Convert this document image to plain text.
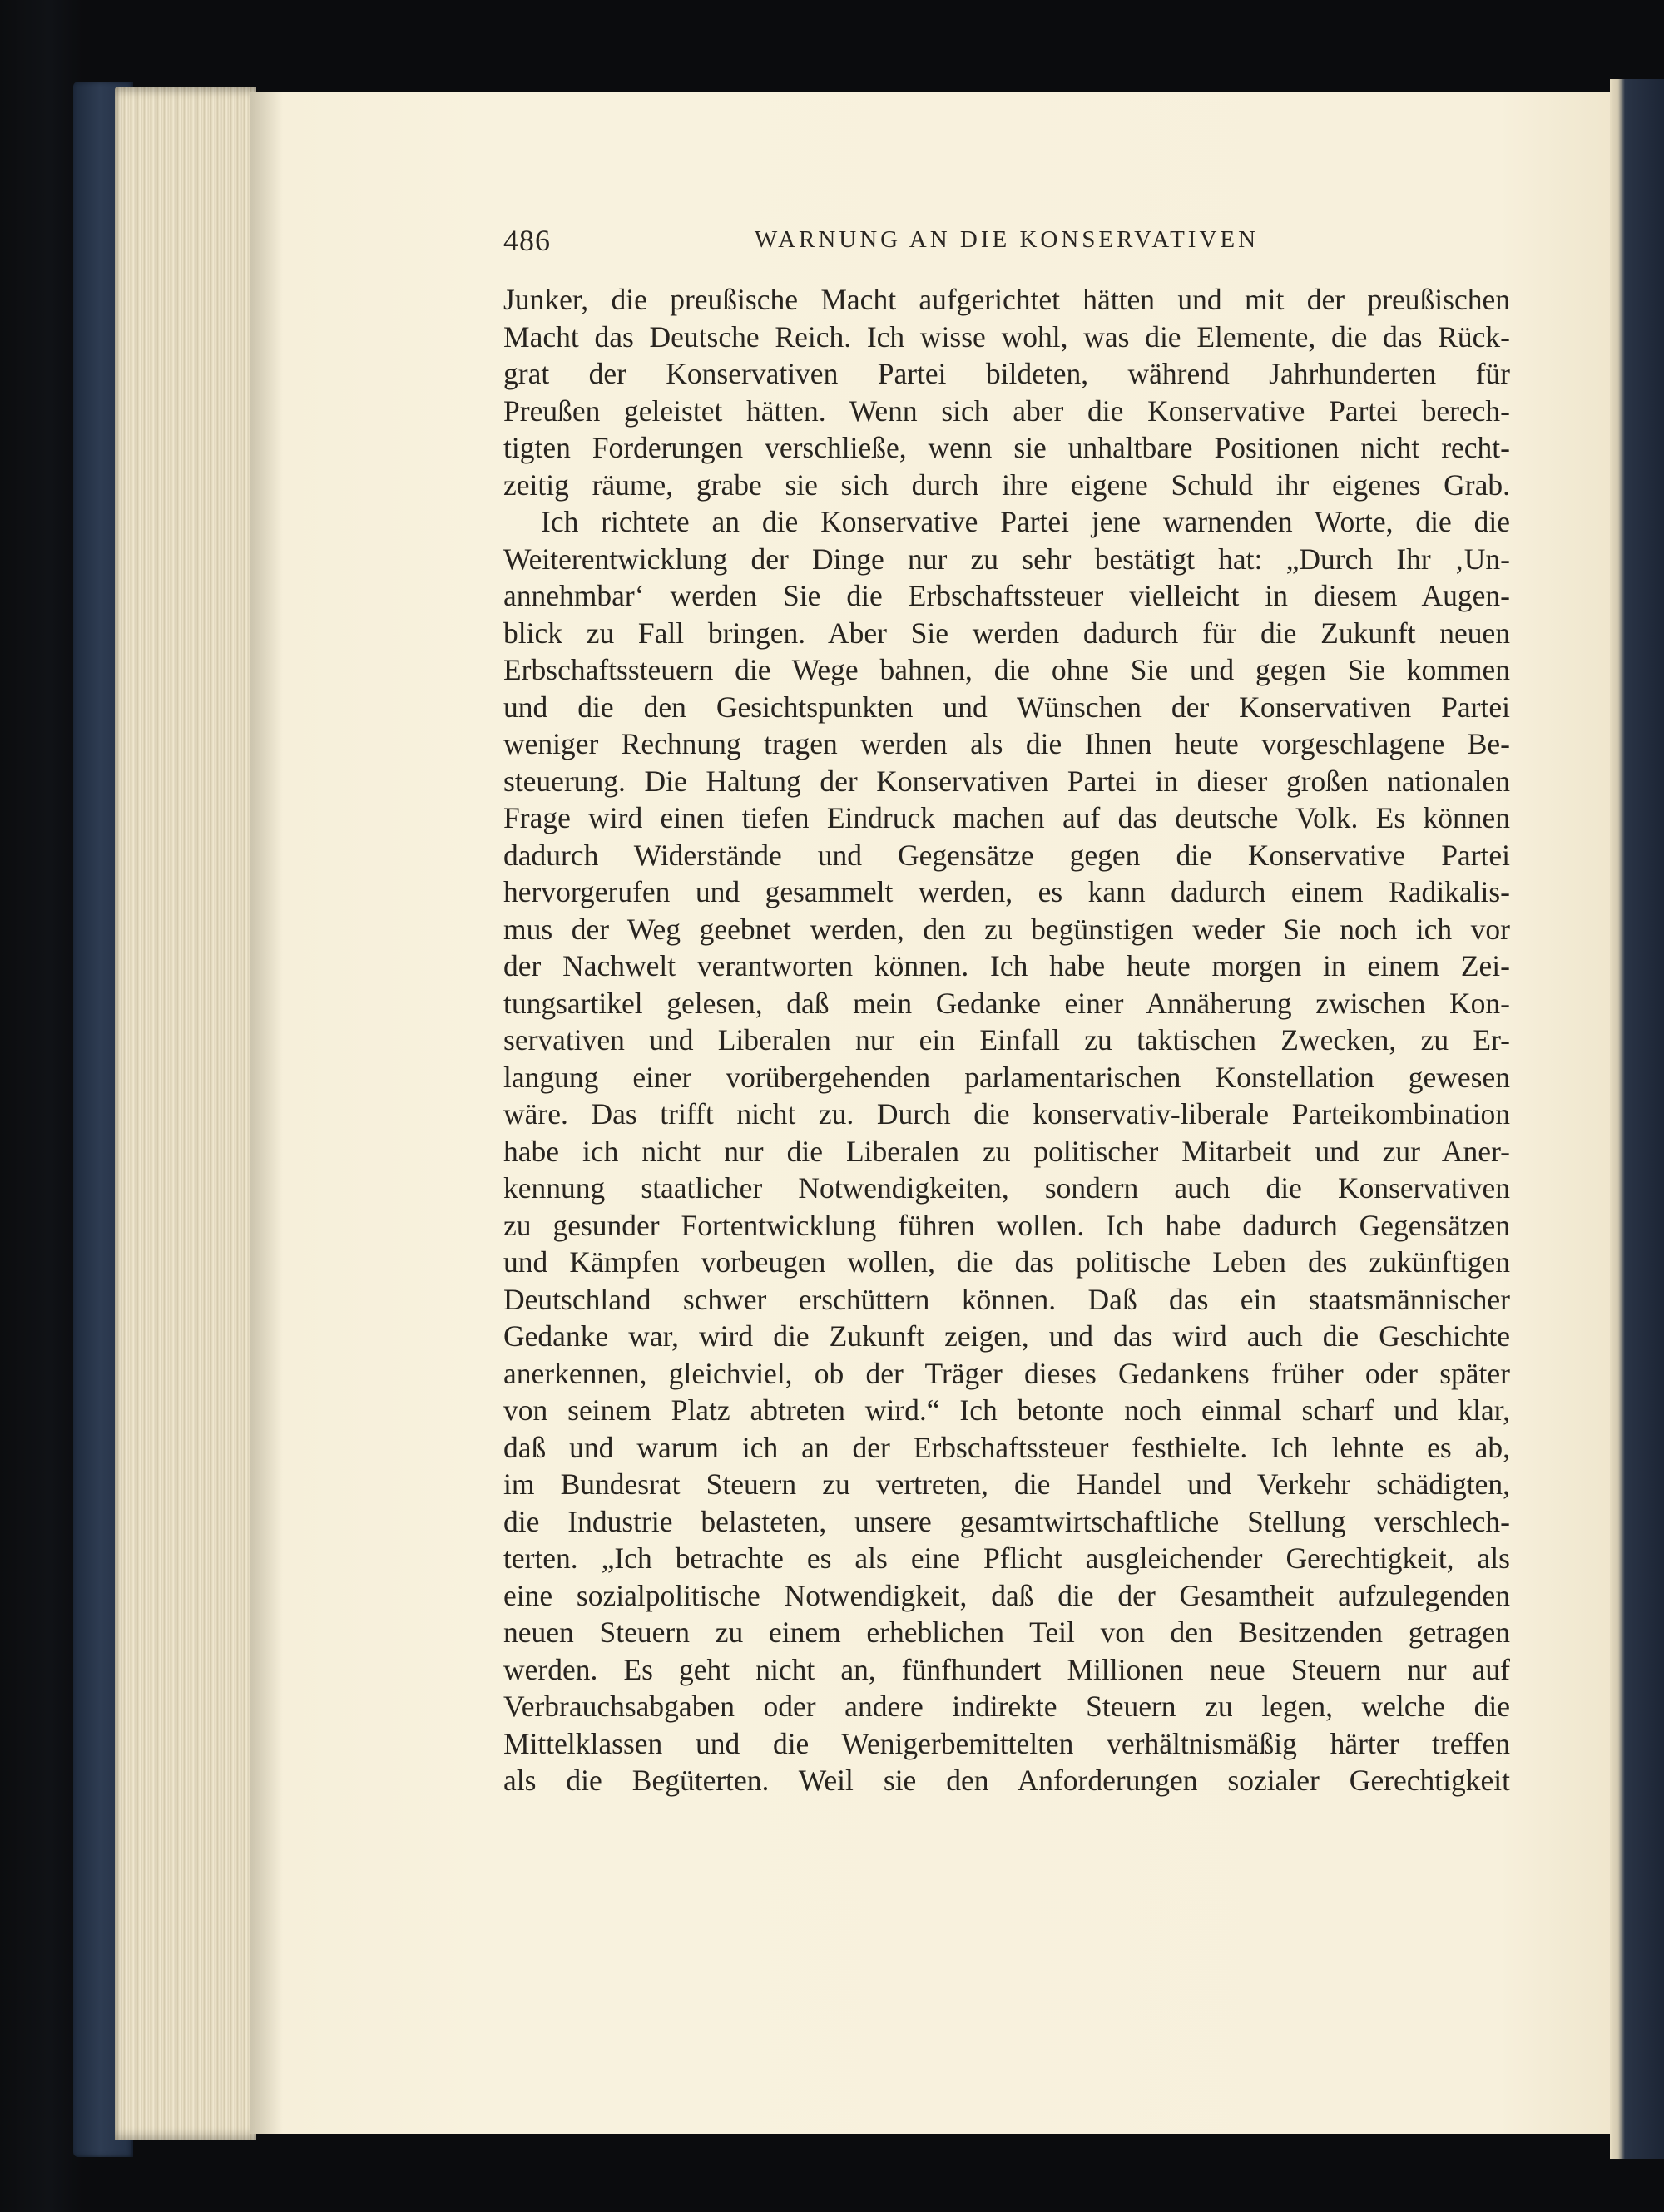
486	WARNUNG AN DIE KONSERVATIVEN
Junker, die preußische Macht aufgerichtet hätten und mit der preußischen
Macht das Deutsche Reich. Ich wisse wohl, was die Elemente, die das Rück-
grat der Konservativen Partei bildeten, während Jahrhunderten für
Preußen geleistet hätten. Wenn sich aber die Konservative Partei berech-
tigten Forderungen verschließe, wenn sie unhaltbare Positionen nicht recht-
zeitig räume, grabe sie sich durch ihre eigene Schuld ihr eigenes Grab.
Ich richtete an die Konservative Partei jene warnenden Worte, die die
Weiterentwicklung der Dinge nur zu sehr bestätigt hat: „Durch Ihr ‚Un-
annehmbar‘ werden Sie die Erbschaftssteuer vielleicht in diesem Augen-
blick zu Fall bringen. Aber Sie werden dadurch für die Zukunft neuen
Erbschaftssteuern die Wege bahnen, die ohne Sie und gegen Sie kommen
und die den Gesichtspunkten und Wünschen der Konservativen Partei
weniger Rechnung tragen werden als die Ihnen heute vorgeschlagene Be-
steuerung. Die Haltung der Konservativen Partei in dieser großen nationalen
Frage wird einen tiefen Eindruck machen auf das deutsche Volk. Es können
dadurch Widerstände und Gegensätze gegen die Konservative Partei
hervorgerufen und gesammelt werden, es kann dadurch einem Radikalis-
mus der Weg geebnet werden, den zu begünstigen weder Sie noch ich vor
der Nachwelt verantworten können. Ich habe heute morgen in einem Zei-
tungsartikel gelesen, daß mein Gedanke einer Annäherung zwischen Kon-
servativen und Liberalen nur ein Einfall zu taktischen Zwecken, zu Er-
langung einer vorübergehenden parlamentarischen Konstellation gewesen
wäre. Das trifft nicht zu. Durch die konservativ-liberale Parteikombination
habe ich nicht nur die Liberalen zu politischer Mitarbeit und zur Aner-
kennung staatlicher Notwendigkeiten, sondern auch die Konservativen
zu gesunder Fortentwicklung führen wollen. Ich habe dadurch Gegensätzen
und Kämpfen vorbeugen wollen, die das politische Leben des zukünftigen
Deutschland schwer erschüttern können. Daß das ein staatsmännischer
Gedanke war, wird die Zukunft zeigen, und das wird auch die Geschichte
anerkennen, gleichviel, ob der Träger dieses Gedankens früher oder später
von seinem Platz abtreten wird.“ Ich betonte noch einmal scharf und klar,
daß und warum ich an der Erbschaftssteuer festhielte. Ich lehnte es ab,
im Bundesrat Steuern zu vertreten, die Handel und Verkehr schädigten,
die Industrie belasteten, unsere gesamtwirtschaftliche Stellung verschlech-
terten. „Ich betrachte es als eine Pflicht ausgleichender Gerechtigkeit, als
eine sozialpolitische Notwendigkeit, daß die der Gesamtheit aufzulegenden
neuen Steuern zu einem erheblichen Teil von den Besitzenden getragen
werden. Es geht nicht an, fünfhundert Millionen neue Steuern nur auf
Verbrauchsabgaben oder andere indirekte Steuern zu legen, welche die
Mittelklassen und die Wenigerbemittelten verhältnismäßig härter treffen
als die Begüterten. Weil sie den Anforderungen sozialer Gerechtigkeit
